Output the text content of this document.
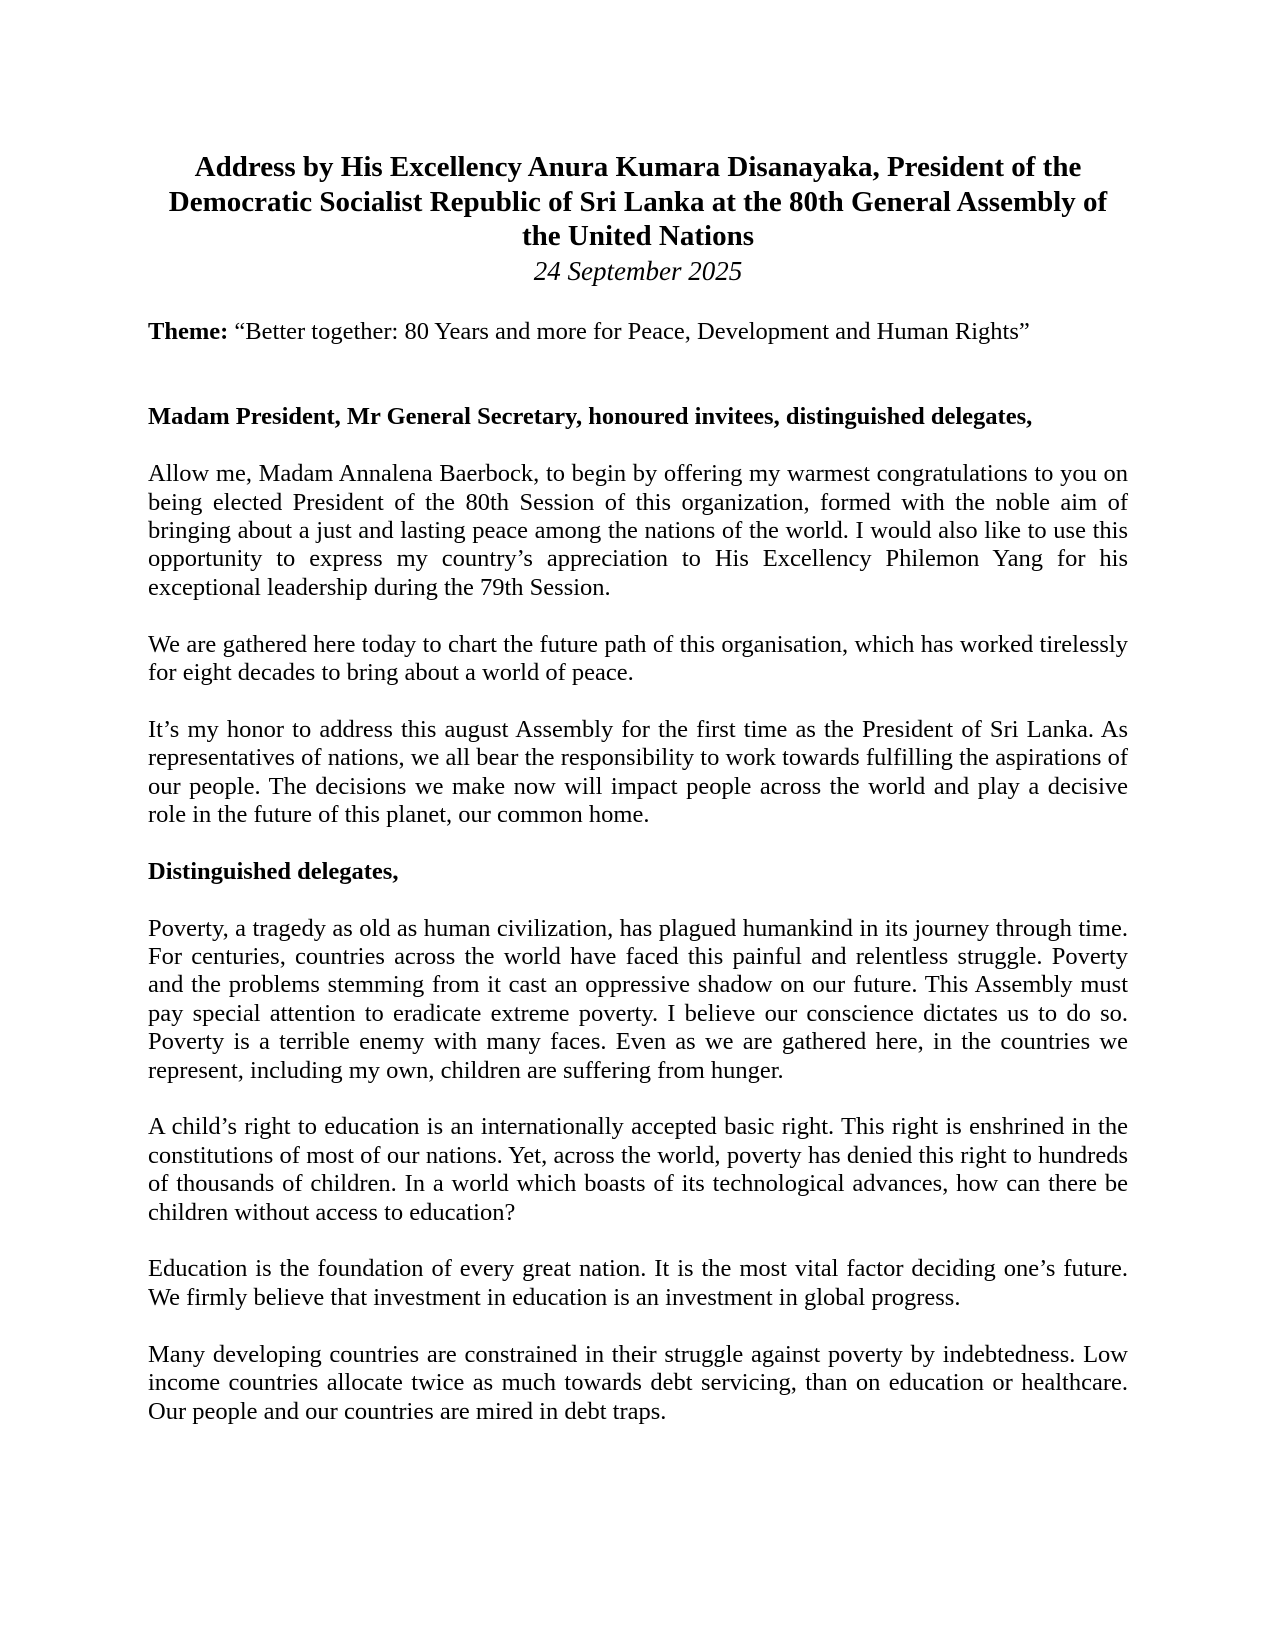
Address by His Excellency Anura Kumara Disanayaka, President of the
Democratic Socialist Republic of Sri Lanka at the 80th General Assembly of
the United Nations
24 September 2025

Theme: “Better together: 80 Years and more for Peace, Development and Human Rights”

Madam President, Mr General Secretary, honoured invitees, distinguished delegates,

Allow me, Madam Annalena Baerbock, to begin by offering my warmest congratulations to you on being elected President of the 80th Session of this organization, formed with the noble aim of bringing about a just and lasting peace among the nations of the world. I would also like to use this opportunity to express my country’s appreciation to His Excellency Philemon Yang for his exceptional leadership during the 79th Session.

We are gathered here today to chart the future path of this organisation, which has worked tirelessly for eight decades to bring about a world of peace.

It’s my honor to address this august Assembly for the first time as the President of Sri Lanka. As representatives of nations, we all bear the responsibility to work towards fulfilling the aspirations of our people. The decisions we make now will impact people across the world and play a decisive role in the future of this planet, our common home.

Distinguished delegates,

Poverty, a tragedy as old as human civilization, has plagued humankind in its journey through time. For centuries, countries across the world have faced this painful and relentless struggle. Poverty and the problems stemming from it cast an oppressive shadow on our future. This Assembly must pay special attention to eradicate extreme poverty. I believe our conscience dictates us to do so. Poverty is a terrible enemy with many faces. Even as we are gathered here, in the countries we represent, including my own, children are suffering from hunger.

A child’s right to education is an internationally accepted basic right. This right is enshrined in the constitutions of most of our nations. Yet, across the world, poverty has denied this right to hundreds of thousands of children. In a world which boasts of its technological advances, how can there be children without access to education?

Education is the foundation of every great nation. It is the most vital factor deciding one’s future. We firmly believe that investment in education is an investment in global progress.

Many developing countries are constrained in their struggle against poverty by indebtedness. Low income countries allocate twice as much towards debt servicing, than on education or healthcare. Our people and our countries are mired in debt traps.
